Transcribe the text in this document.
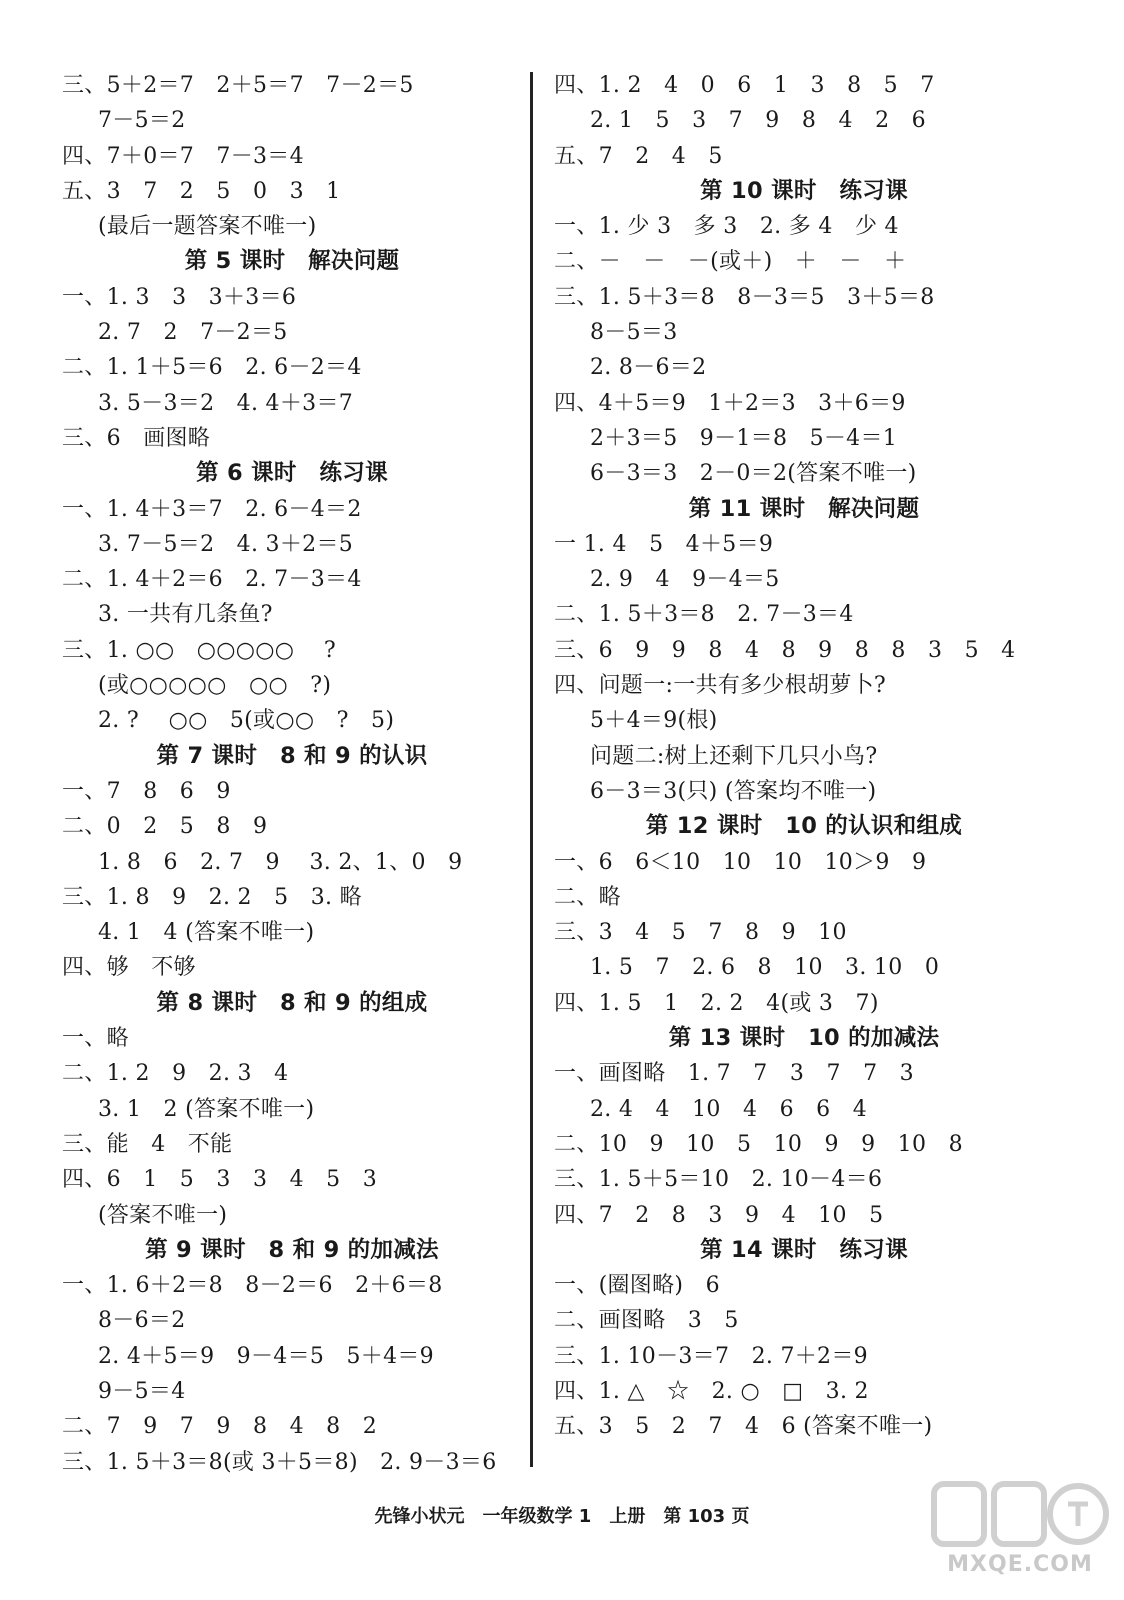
三、5＋2＝7　2＋5＝7　7－2＝5
7－5＝2
四、7＋0＝7　7－3＝4
五、3　7　2　5　0　3　1
(最后一题答案不唯一)
第 5 课时　解决问题
一、1. 3　3　3＋3＝6
2. 7　2　7－2＝5
二、1. 1＋5＝6　2. 6－2＝4
3. 5－3＝2　4. 4＋3＝7
三、6　画图略
第 6 课时　练习课
一、1. 4＋3＝7　2. 6－4＝2
3. 7－5＝2　4. 3＋2＝5
二、1. 4＋2＝6　2. 7－3＝4
3. 一共有几条鱼?
三、1. ○○　○○○○○　 ?
(或○○○○○　○○　?)
2. ?　 ○○　5(或○○　?　5)
第 7 课时　8 和 9 的认识
一、7　8　6　9
二、0　2　5　8　9
1. 8　6　2. 7　9　 3. 2、1、0　9
三、1. 8　9　2. 2　5　3. 略
4. 1　4 (答案不唯一)
四、够　不够
第 8 课时　8 和 9 的组成
一、略
二、1. 2　9　2. 3　4
3. 1　2 (答案不唯一)
三、能　4　不能
四、6　1　5　3　3　4　5　3
(答案不唯一)
第 9 课时　8 和 9 的加减法
一、1. 6＋2＝8　8－2＝6　2＋6＝8
8－6＝2
2. 4＋5＝9　9－4＝5　5＋4＝9
9－5＝4
二、7　9　7　9　8　4　8　2
三、1. 5＋3＝8(或 3＋5＝8)　2. 9－3＝6
四、1. 2　4　0　6　1　3　8　5　7
2. 1　5　3　7　9　8　4　2　6
五、7　2　4　5
第 10 课时　练习课
一、1. 少 3　多 3　2. 多 4　少 4
二、－　－　－(或＋)　＋　－　＋
三、1. 5＋3＝8　8－3＝5　3＋5＝8
8－5＝3
2. 8－6＝2
四、4＋5＝9　1＋2＝3　3＋6＝9
2＋3＝5　9－1＝8　5－4＝1
6－3＝3　2－0＝2(答案不唯一)
第 11 课时　解决问题
一 1. 4　5　4＋5＝9
2. 9　4　9－4＝5
二、1. 5＋3＝8　2. 7－3＝4
三、6　9　9　8　4　8　9　8　8　3　5　4
四、问题一:一共有多少根胡萝卜?
5＋4＝9(根)
问题二:树上还剩下几只小鸟?
6－3＝3(只) (答案均不唯一)
第 12 课时　10 的认识和组成
一、6　6＜10　10　10　10＞9　9
二、略
三、3　4　5　7　8　9　10
1. 5　7　2. 6　8　10　3. 10　0
四、1. 5　1　2. 2　4(或 3　7)
第 13 课时　10 的加减法
一、画图略　1. 7　7　3　7　7　3
2. 4　4　10　4　6　6　4
二、10　9　10　5　10　9　9　10　8
三、1. 5＋5＝10　2. 10－4＝6
四、7　2　8　3　9　4　10　5
第 14 课时　练习课
一、(圈图略)　6
二、画图略　3　5
三、1. 10－3＝7　2. 7＋2＝9
四、1. △　☆　2. ○　□　3. 2
五、3　5　2　7　4　6 (答案不唯一)
先锋小状元　一年级数学 1　上册　第 103 页
MXQE.COM
